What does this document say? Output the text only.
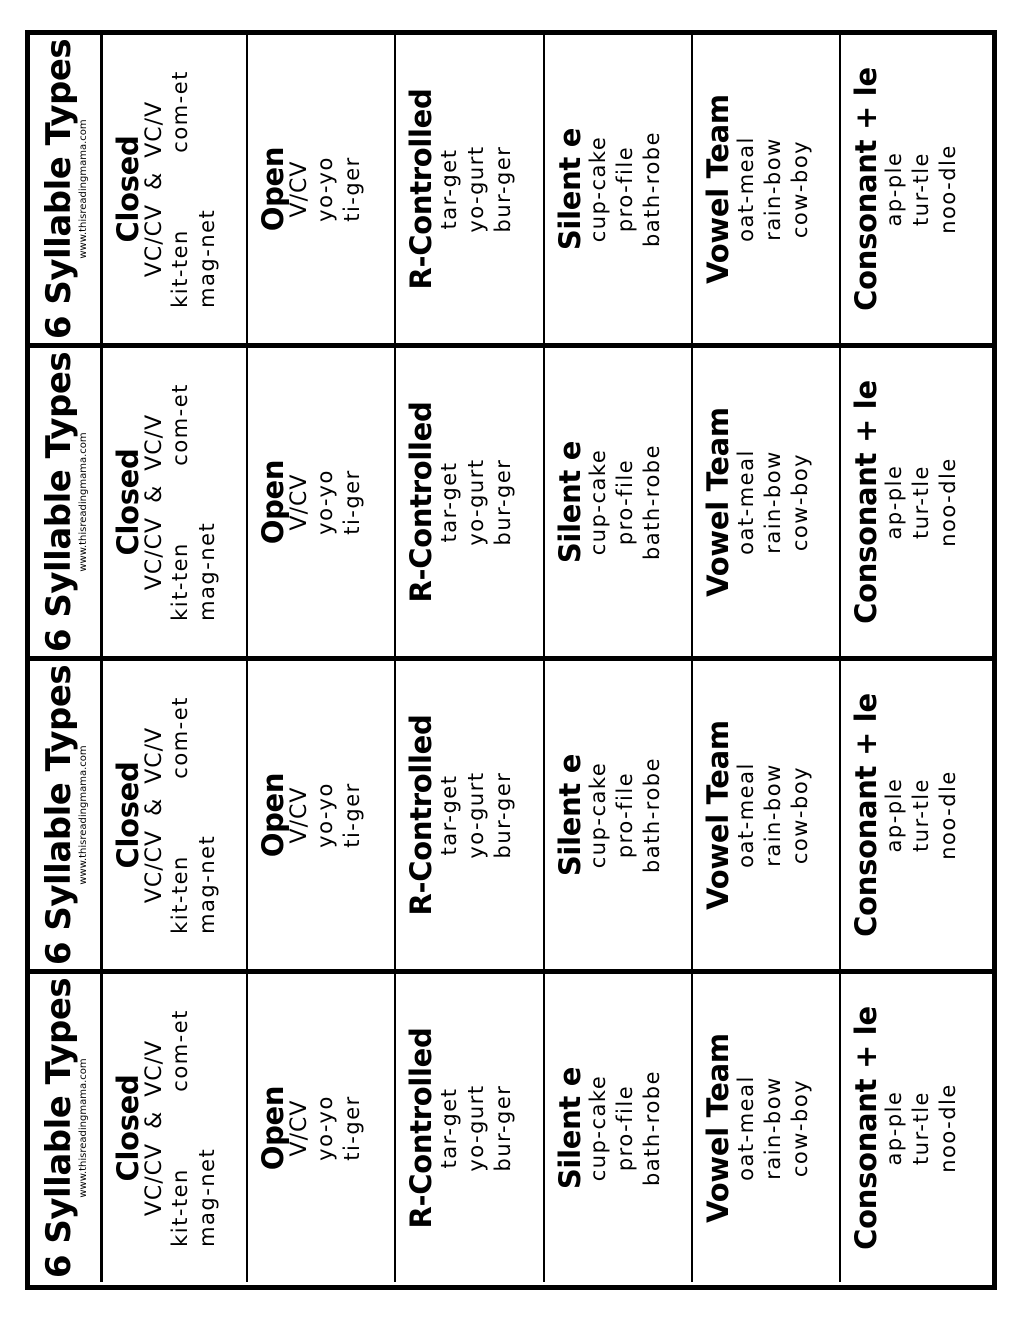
6 Syllable Types www.thisreadingmama.com Closed
VC/CV
&
VC/V
kit-ten
com-et
mag-net
Open
V/CV yo-yo ti-ger R-Controlled tar-get yo-gurt bur-ger Silent e cup-cake pro-file bath-robe Vowel Team oat-meal rain-bow cow-boy Consonant + le ap-ple tur-tle noo-dle
6 Syllable Types www.thisreadingmama.com Closed
VC/CV
&
VC/V
kit-ten
com-et
mag-net
Open
V/CV yo-yo ti-ger R-Controlled tar-get yo-gurt bur-ger Silent e cup-cake pro-file bath-robe Vowel Team oat-meal rain-bow cow-boy Consonant + le ap-ple tur-tle noo-dle
6 Syllable Types www.thisreadingmama.com Closed
VC/CV
&
VC/V
kit-ten
com-et
mag-net
Open
V/CV yo-yo ti-ger R-Controlled tar-get yo-gurt bur-ger Silent e cup-cake pro-file bath-robe Vowel Team oat-meal rain-bow cow-boy Consonant + le ap-ple tur-tle noo-dle
6 Syllable Types www.thisreadingmama.com Closed
VC/CV
&
VC/V
kit-ten
com-et
mag-net
Open
V/CV yo-yo ti-ger R-Controlled tar-get yo-gurt bur-ger Silent e cup-cake pro-file bath-robe Vowel Team oat-meal rain-bow cow-boy Consonant + le ap-ple tur-tle noo-dle
